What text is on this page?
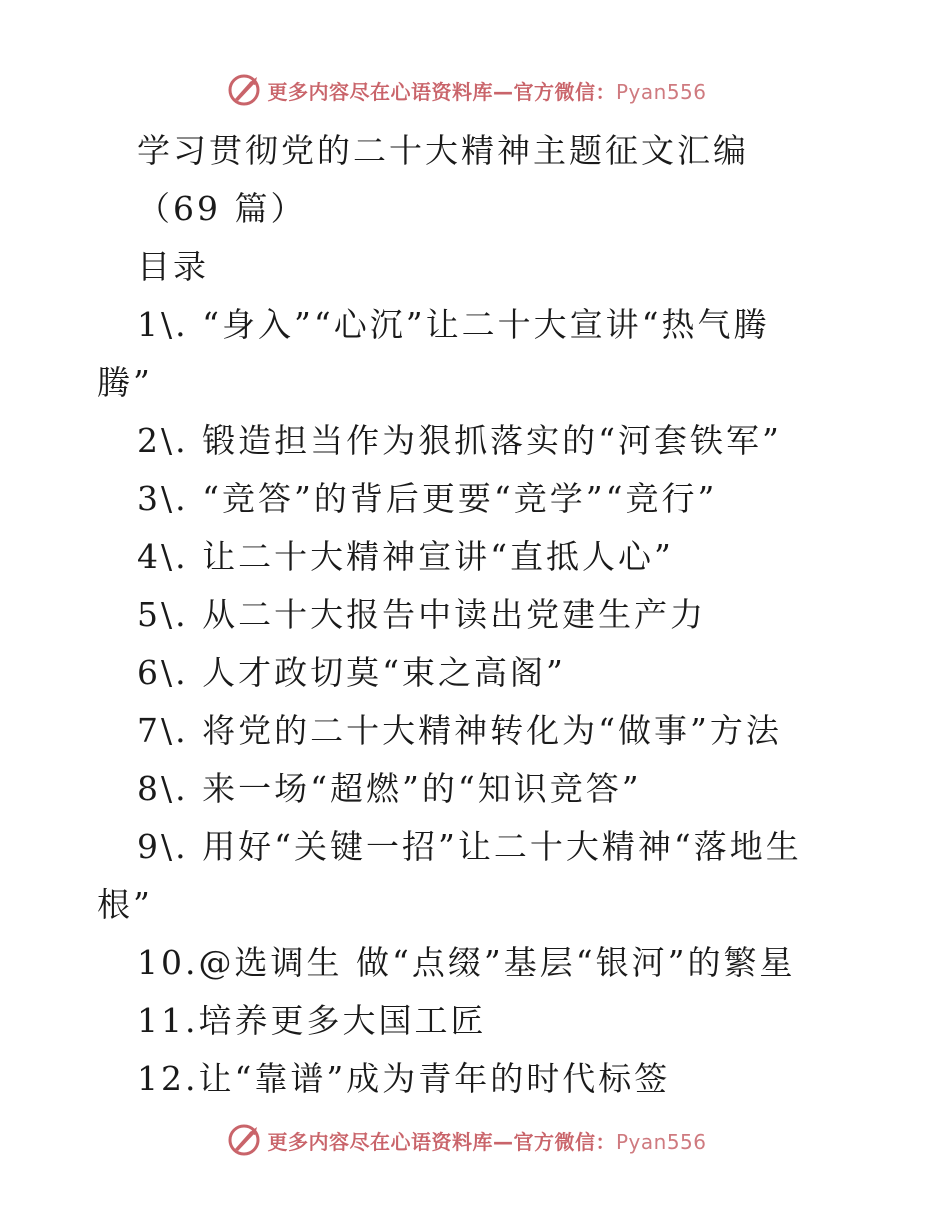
更多内容尽在心语资料库—官方微信：Pyan556
学习贯彻党的二十大精神主题征文汇编
（69 篇）
目录
1\. “身入”“心沉”让二十大宣讲“热气腾
腾”
2\. 锻造担当作为狠抓落实的“河套铁军”
3\. “竞答”的背后更要“竞学”“竞行”
4\. 让二十大精神宣讲“直抵人心”
5\. 从二十大报告中读出党建生产力
6\. 人才政切莫“束之高阁”
7\. 将党的二十大精神转化为“做事”方法
8\. 来一场“超燃”的“知识竞答”
9\. 用好“关键一招”让二十大精神“落地生
根”
10.@选调生 做“点缀”基层“银河”的繁星
11.培养更多大国工匠
12.让“靠谱”成为青年的时代标签
更多内容尽在心语资料库—官方微信：Pyan556
